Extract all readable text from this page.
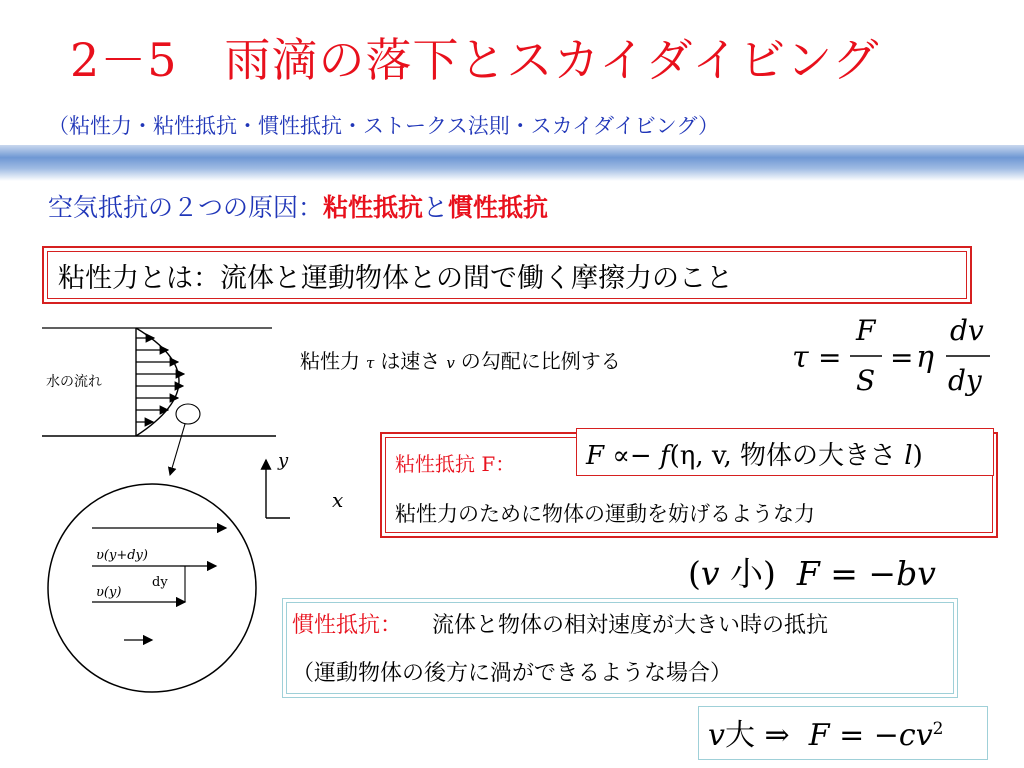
2－5　雨滴の落下とスカイダイビング
（粘性力・粘性抵抗・慣性抵抗・ストークス法則・スカイダイビング）
空気抵抗の２つの原因：粘性抵抗と慣性抵抗
粘性力とは：流体と運動物体との間で働く摩擦力のこと
粘性力 τ は速さ v の勾配に比例する	τ =
F
S
= η
dv
dy
粘性抵抗 F：
粘性力のために物体の運動を妨げるような力
F ∝− f(η, v, 物体の大きさ l)
(v 小) F = −bv
慣性抵抗： 流体と物体の相対速度が大きい時の抵抗
（運動物体の後方に渦ができるような場合）
v大 ⇒  $F = -cv^2$
水の流れ
y
υ(y+dy)
υ(y)
dy
x
